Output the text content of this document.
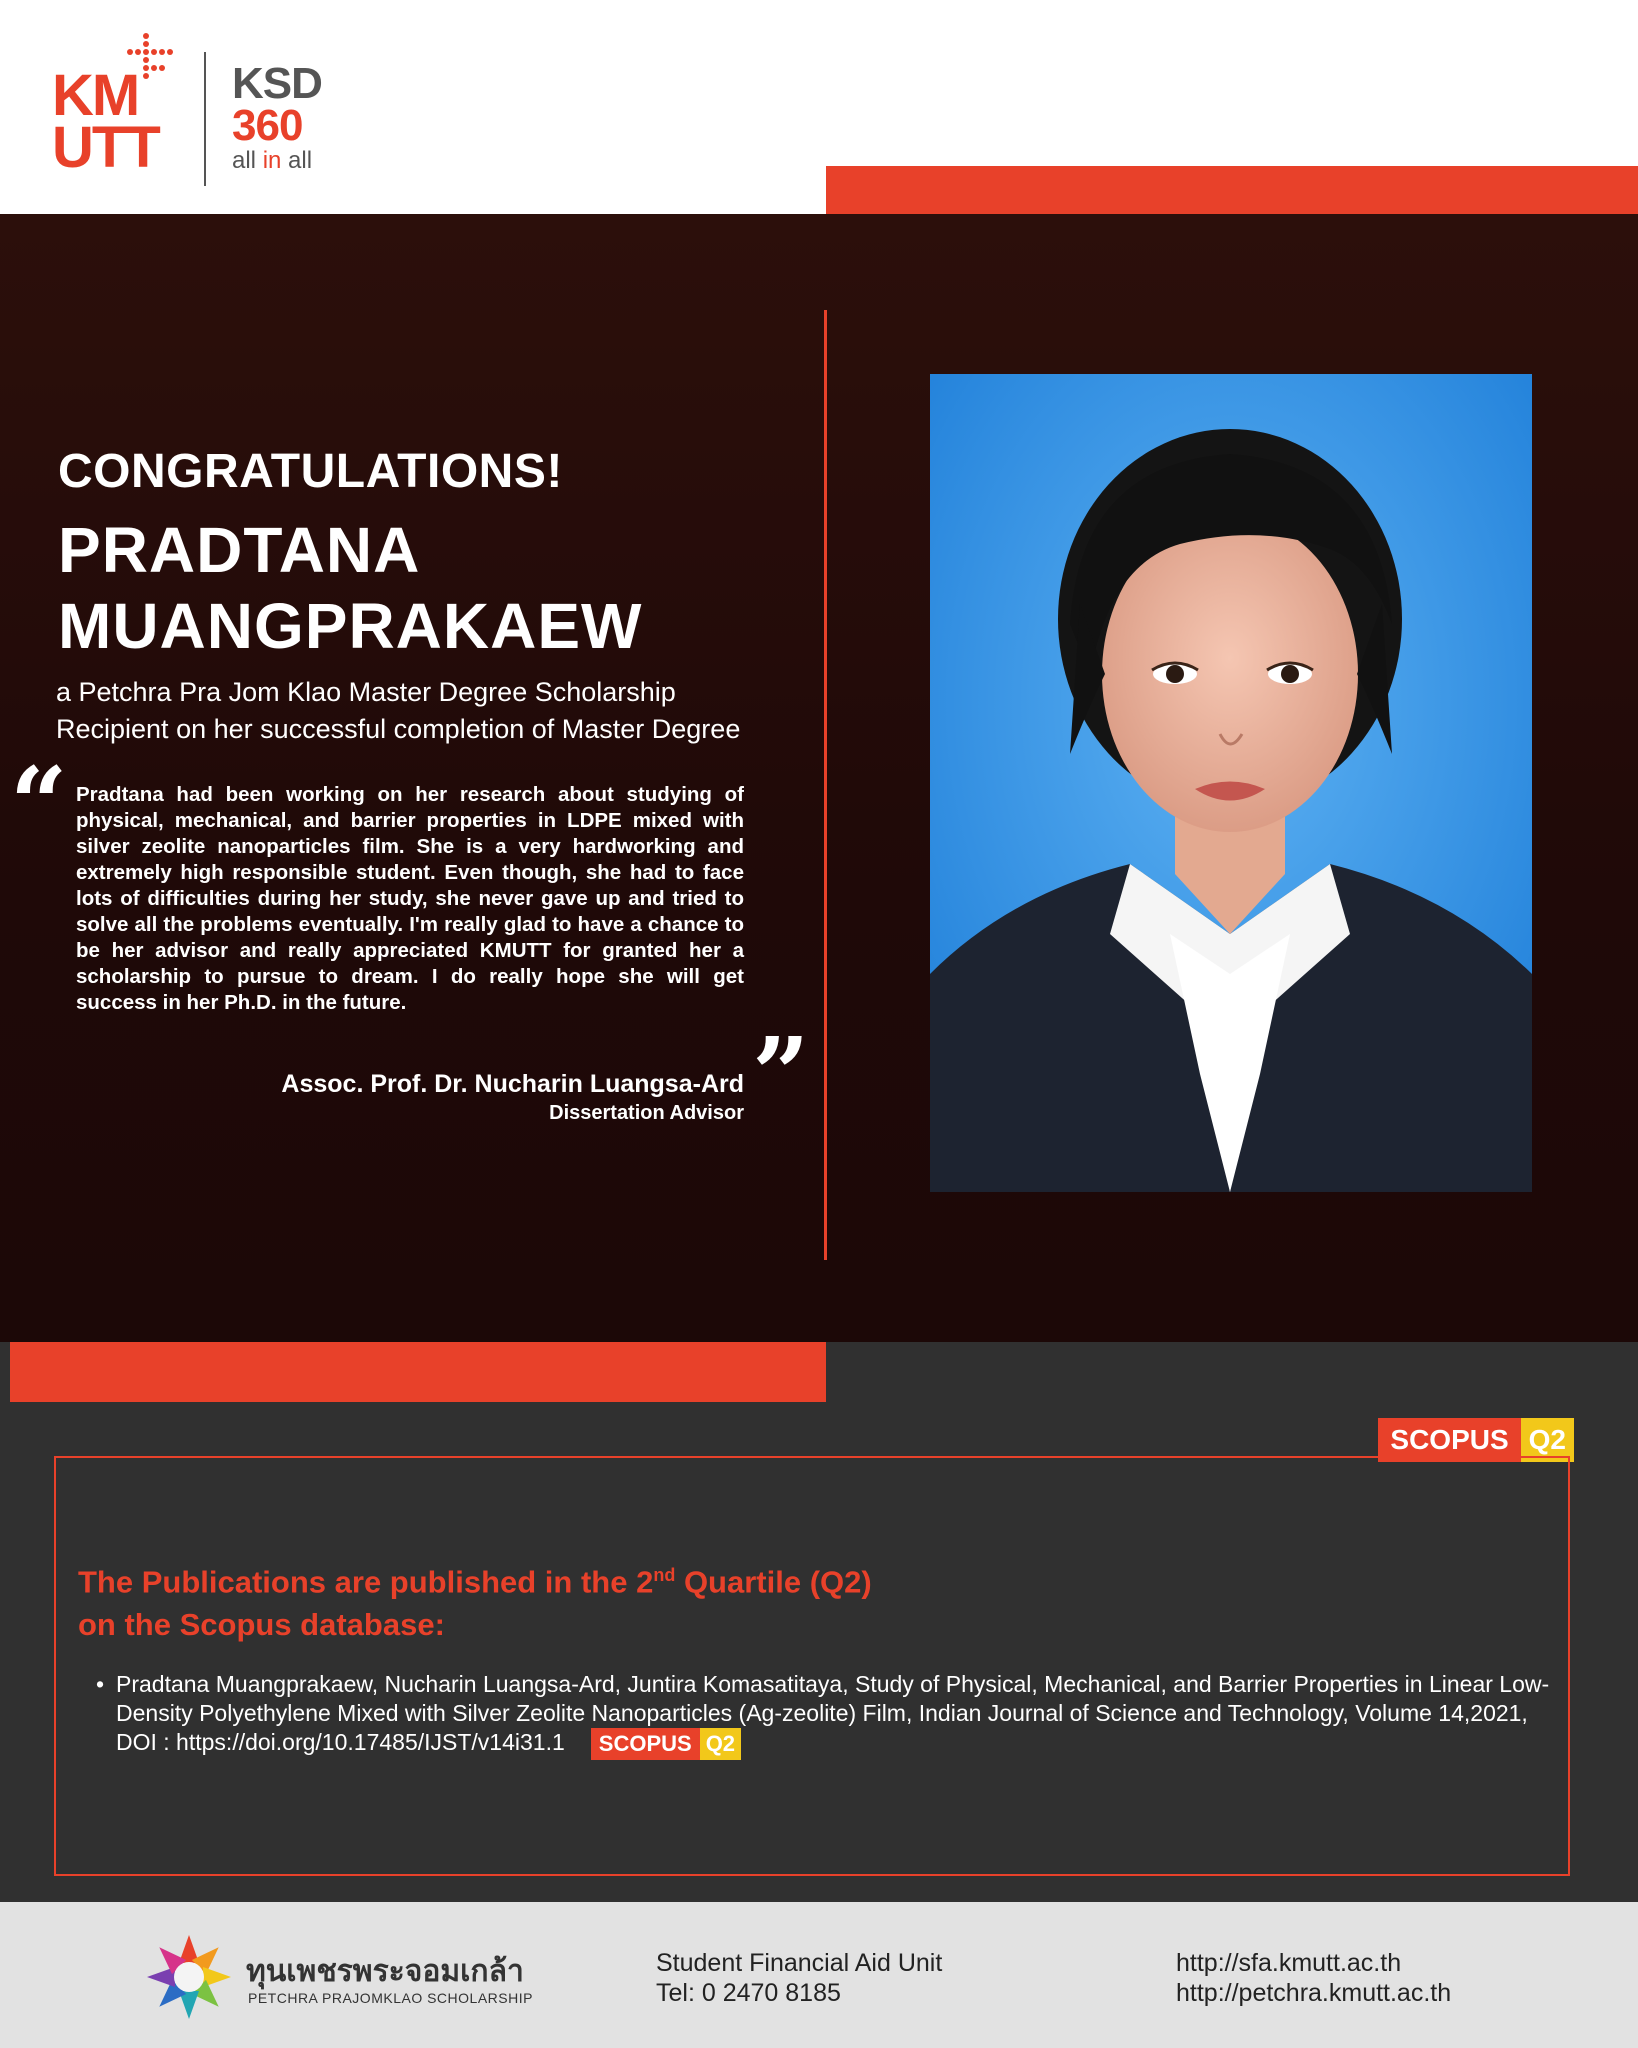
KM
UTT
KSD
360
all in all
CONGRATULATIONS!
PRADTANA
MUANGPRAKAEW
a Petchra Pra Jom Klao Master Degree Scholarship
Recipient on her successful completion of Master Degree
“ Pradtana had been working on her research about studying of physical, mechanical, and barrier properties in LDPE mixed with silver zeolite nanoparticles film. She is a very hardworking and extremely high responsible student. Even though, she had to face lots of difficulties during her study, she never gave up and tried to solve all the problems eventually. I'm really glad to have a chance to be her advisor and really appreciated KMUTT for granted her a scholarship to pursue to dream. I do really hope she will get success in her Ph.D. in the future.
”
Assoc. Prof. Dr. Nucharin Luangsa-Ard
Dissertation Advisor
SCOPUS Q2
The Publications are published in the 2nd Quartile (Q2)
on the Scopus database:
• Pradtana Muangprakaew, Nucharin Luangsa-Ard, Juntira Komasatitaya, Study of Physical, Mechanical, and Barrier Properties in Linear Low-Density Polyethylene Mixed with Silver Zeolite Nanoparticles (Ag-zeolite) Film, Indian Journal of Science and Technology, Volume 14,2021, DOI : https://doi.org/10.17485/IJST/v14i31.1	SCOPUS Q2
ทุนเพชรพระจอมเกล้า
PETCHRA PRAJOMKLAO SCHOLARSHIP
Student Financial Aid Unit
Tel: 0 2470 8185
http://sfa.kmutt.ac.th
http://petchra.kmutt.ac.th
